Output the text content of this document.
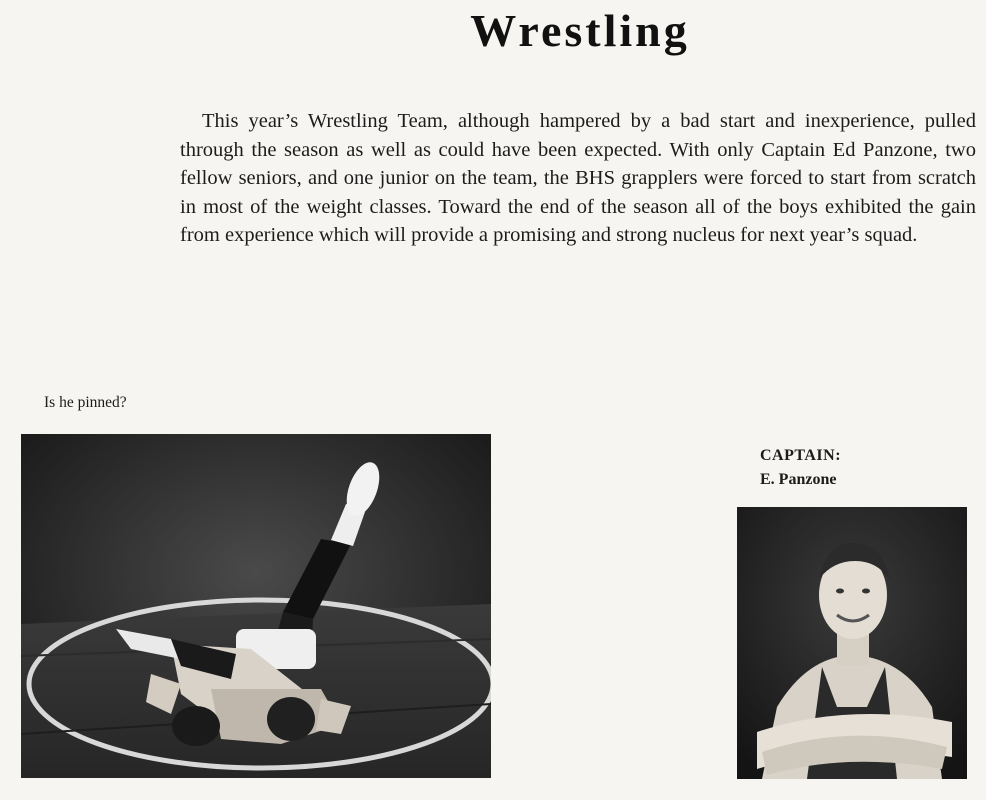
Wrestling

This year’s Wrestling Team, although hampered by a bad start and inexperience, pulled through the season as well as could have been expected. With only Captain Ed Panzone, two fellow seniors, and one junior on the team, the BHS grapplers were forced to start from scratch in most of the weight classes. Toward the end of the season all of the boys exhibited the gain from experience which will provide a promising and strong nucleus for next year’s squad.

Is he pinned?
CAPTAIN:
E. Panzone
